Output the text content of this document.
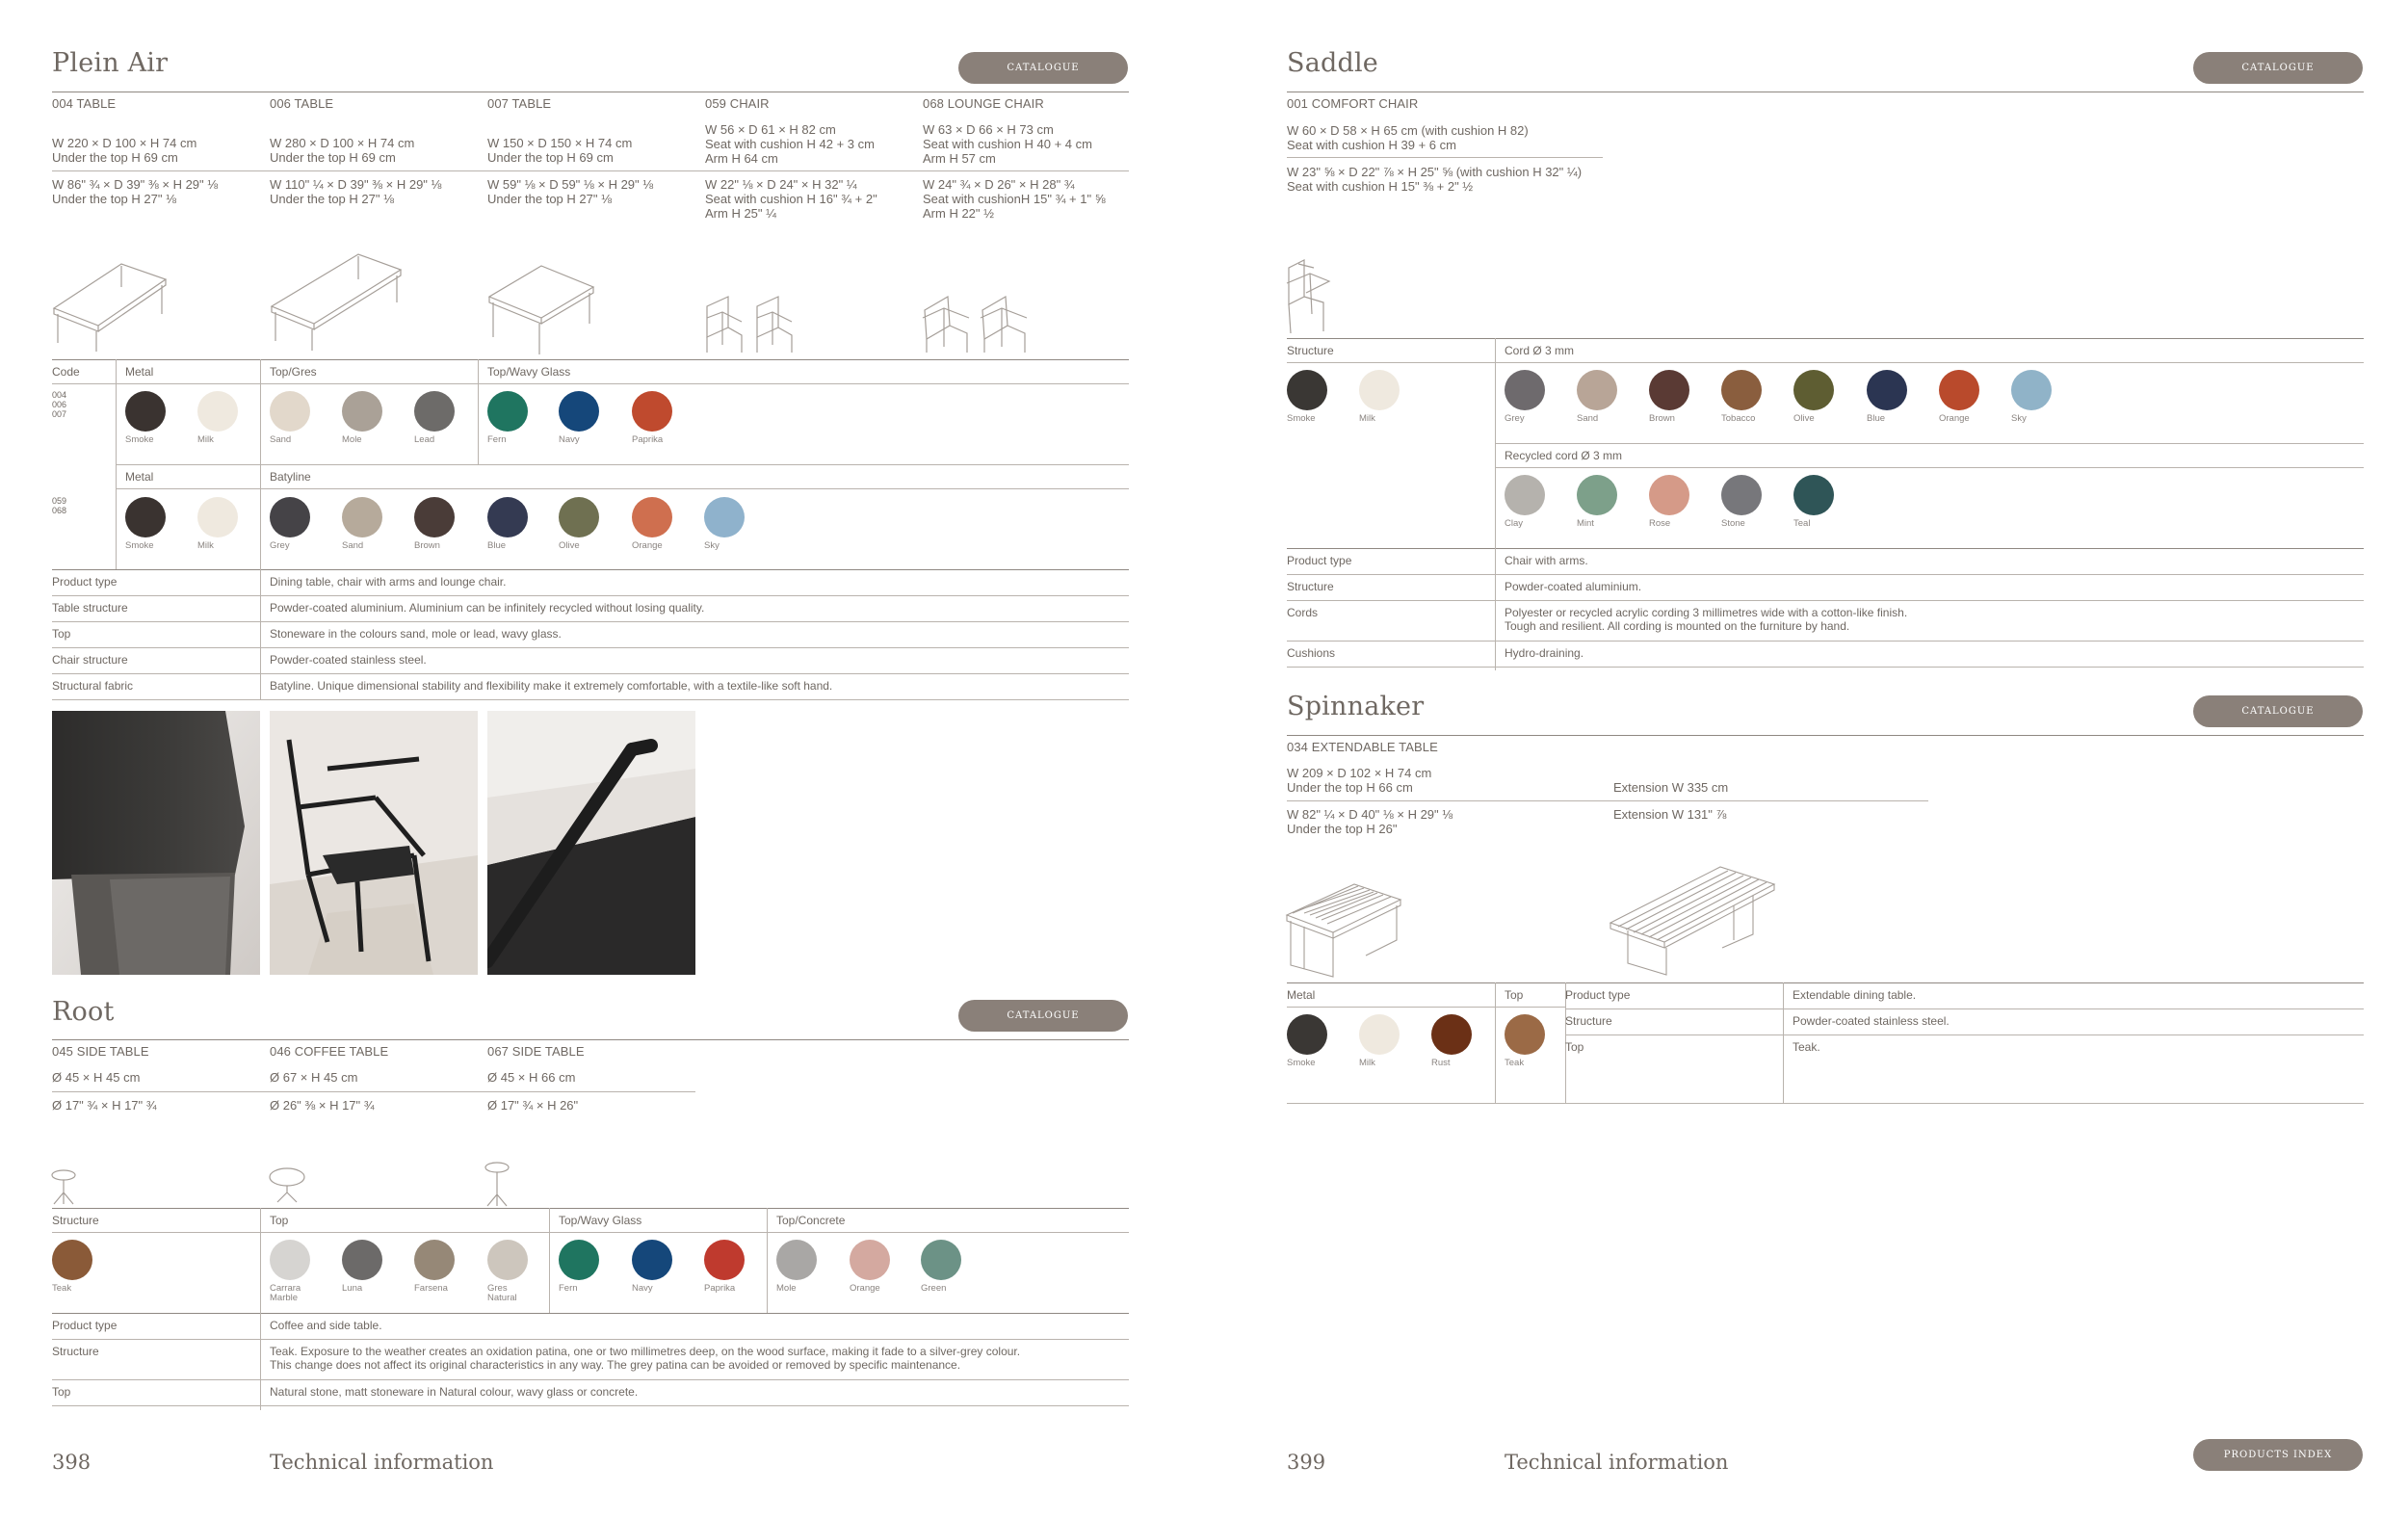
Plein Air	CATALOGUE
004 TABLE	006 TABLE	007 TABLE	059 CHAIR	068 LOUNGE CHAIR
W 220 × D 100 × H 74 cm
Under the top H 69 cm
W 280 × D 100 × H 74 cm
Under the top H 69 cm
W 150 × D 150 × H 74 cm
Under the top H 69 cm
W 56 × D 61 × H 82 cm
Seat with cushion H 42 + 3 cm
Arm H 64 cm
W 63 × D 66 × H 73 cm
Seat with cushion H 40 + 4 cm
Arm H 57 cm
W 86" ¾ × D 39" ⅜ × H 29" ⅛
Under the top H 27" ⅛
W 110" ¼ × D 39" ⅜ × H 29" ⅛
Under the top H 27" ⅛
W 59" ⅛ × D 59" ⅛ × H 29" ⅛
Under the top H 27" ⅛
W 22" ⅛ × D 24" × H 32" ¼
Seat with cushion H 16" ¾ + 2"
Arm H 25" ¼
W 24" ¾ × D 26" × H 28" ¾
Seat with cushionH 15" ¾ + 1" ⅝
Arm H 22" ½
Code	Metal	Top/Gres	Top/Wavy Glass
004
006
007
Smoke	Milk	Sand	Mole	Lead	Fern	Navy	Paprika
Metal	Batyline
059
068
Smoke	Milk	Grey	Sand	Brown	Blue	Olive	Orange	Sky
Product type	Dining table, chair with arms and lounge chair.
Table structure	Powder-coated aluminium. Aluminium can be infinitely recycled without losing quality.
Top	Stoneware in the colours sand, mole or lead, wavy glass.
Chair structure	Powder-coated stainless steel.
Structural fabric	Batyline. Unique dimensional stability and flexibility make it extremely comfortable, with a textile-like soft hand.
Root	CATALOGUE
045 SIDE TABLE	046 COFFEE TABLE	067 SIDE TABLE
Ø 45 × H 45 cm	Ø 67 × H 45 cm	Ø 45 × H 66 cm
Ø 17" ¾ × H 17" ¾	Ø 26" ⅜ × H 17" ¾	Ø 17" ¾ × H 26"
Structure	Top	Top/Wavy Glass	Top/Concrete
Teak	Carrara
Marble
Luna	Farsena	Gres
Natural
Fern	Navy	Paprika	Mole	Orange	Green
Product type	Coffee and side table.
Structure	Teak. Exposure to the weather creates an oxidation patina, one or two millimetres deep, on the wood surface, making it fade to a silver-grey colour.
This change does not affect its original characteristics in any way. The grey patina can be avoided or removed by specific maintenance.
Top	Natural stone, matt stoneware in Natural colour, wavy glass or concrete.
398	Technical information
Saddle	CATALOGUE
001 COMFORT CHAIR
W 60 × D 58 × H 65 cm (with cushion H 82)
Seat with cushion H 39 + 6 cm
W 23" ⅝ × D 22" ⅞ × H 25" ⅝ (with cushion H 32" ¼)
Seat with cushion H 15" ⅜ + 2" ½
Structure	Cord Ø 3 mm
Smoke	Milk	Grey	Sand	Brown	Tobacco	Olive	Blue	Orange	Sky
Recycled cord Ø 3 mm
Clay	Mint	Rose	Stone	Teal
Product type	Chair with arms.
Structure	Powder-coated aluminium.
Cords	Polyester or recycled acrylic cording 3 millimetres wide with a cotton-like finish.
Tough and resilient. All cording is mounted on the furniture by hand.
Cushions	Hydro-draining.
Spinnaker	CATALOGUE
034 EXTENDABLE TABLE
W 209 × D 102 × H 74 cm
Under the top H 66 cm	Extension W 335 cm
W 82" ¼ × D 40" ⅛ × H 29" ⅛
Under the top H 26"
Extension W 131" ⅞
Metal	Top
Smoke	Milk	Rust	Teak
Product type	Extendable dining table.
Structure	Powder-coated stainless steel.
Top	Teak.
399	Technical information	PRODUCTS INDEX
